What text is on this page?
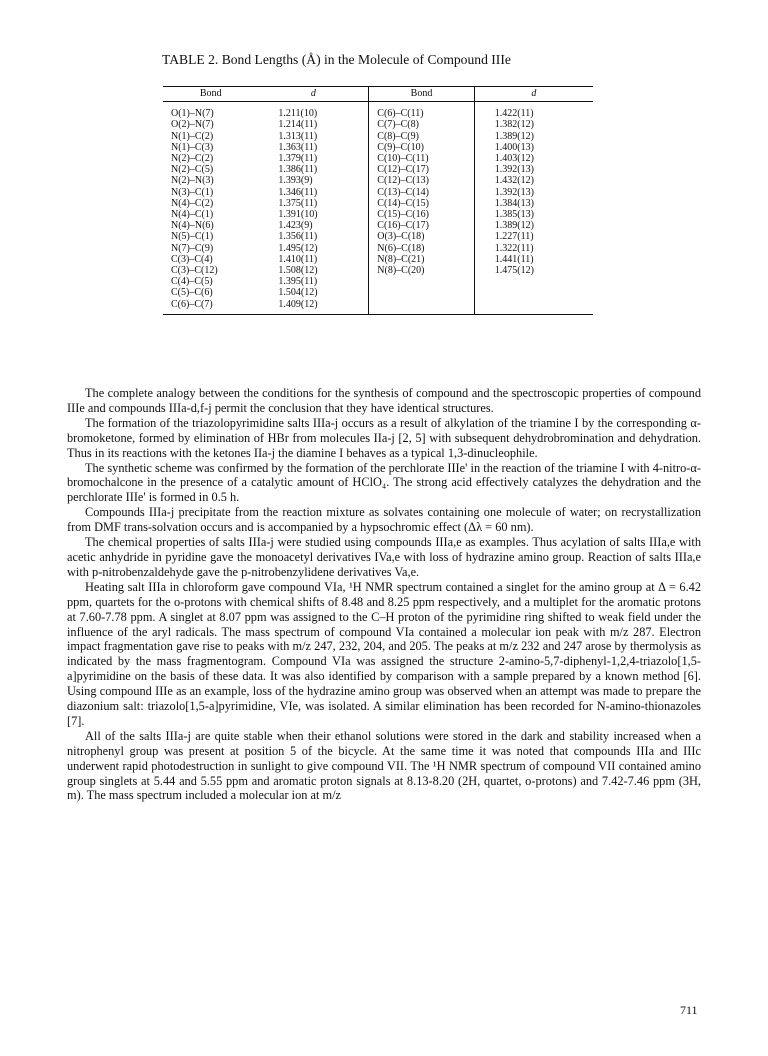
TABLE 2. Bond Lengths (Å) in the Molecule of Compound IIIe
Bond	d	Bond	d
O(1)–N(7)	1.211(10)	C(6)–C(11)	1.422(11)
O(2)–N(7)	1.214(11)	C(7)–C(8)	1.382(12)
N(1)–C(2)	1.313(11)	C(8)–C(9)	1.389(12)
N(1)–C(3)	1.363(11)	C(9)–C(10)	1.400(13)
N(2)–C(2)	1.379(11)	C(10)–C(11)	1.403(12)
N(2)–C(5)	1.386(11)	C(12)–C(17)	1.392(13)
N(2)–N(3)	1.393(9)	C(12)–C(13)	1.432(12)
N(3)–C(1)	1.346(11)	C(13)–C(14)	1.392(13)
N(4)–C(2)	1.375(11)	C(14)–C(15)	1.384(13)
N(4)–C(1)	1.391(10)	C(15)–C(16)	1.385(13)
N(4)–N(6)	1.423(9)	C(16)–C(17)	1.389(12)
N(5)–C(1)	1.356(11)	O(3)–C(18)	1.227(11)
N(7)–C(9)	1.495(12)	N(6)–C(18)	1.322(11)
C(3)–C(4)	1.410(11)	N(8)–C(21)	1.441(11)
C(3)–C(12)	1.508(12)	N(8)–C(20)	1.475(12)
C(4)–C(5)	1.395(11)		
C(5)–C(6)	1.504(12)		
C(6)–C(7)	1.409(12)		

The complete analogy between the conditions for the synthesis of compound and the spectroscopic properties of compound IIIe and compounds IIIa-d,f-j permit the conclusion that they have identical structures.

The formation of the triazolopyrimidine salts IIIa-j occurs as a result of alkylation of the triamine I by the corresponding α-bromoketone, formed by elimination of HBr from molecules IIa-j [2, 5] with subsequent dehydrobromination and dehydration. Thus in its reactions with the ketones IIa-j the diamine I behaves as a typical 1,3-dinucleophile.

The synthetic scheme was confirmed by the formation of the perchlorate IIIe' in the reaction of the triamine I with 4-nitro-α-bromochalcone in the presence of a catalytic amount of HClO₄. The strong acid effectively catalyzes the dehydration and the perchlorate IIIe' is formed in 0.5 h.

Compounds IIIa-j precipitate from the reaction mixture as solvates containing one molecule of water; on recrystallization from DMF trans-solvation occurs and is accompanied by a hypsochromic effect (Δλ = 60 nm).

The chemical properties of salts IIIa-j were studied using compounds IIIa,e as examples. Thus acylation of salts IIIa,e with acetic anhydride in pyridine gave the monoacetyl derivatives IVa,e with loss of hydrazine amino group. Reaction of salts IIIa,e with p-nitrobenzaldehyde gave the p-nitrobenzylidene derivatives Va,e.

Heating salt IIIa in chloroform gave compound VIa, ¹H NMR spectrum contained a singlet for the amino group at Δ = 6.42 ppm, quartets for the o-protons with chemical shifts of 8.48 and 8.25 ppm respectively, and a multiplet for the aromatic protons at 7.60-7.78 ppm. A singlet at 8.07 ppm was assigned to the C–H proton of the pyrimidine ring shifted to weak field under the influence of the aryl radicals. The mass spectrum of compound VIa contained a molecular ion peak with m/z 287. Electron impact fragmentation gave rise to peaks with m/z 247, 232, 204, and 205. The peaks at m/z 232 and 247 arose by thermolysis as indicated by the mass fragmentogram. Compound VIa was assigned the structure 2-amino-5,7-diphenyl-1,2,4-triazolo[1,5-a]pyrimidine on the basis of these data. It was also identified by comparison with a sample prepared by a known method [6]. Using compound IIIe as an example, loss of the hydrazine amino group was observed when an attempt was made to prepare the diazonium salt: triazolo[1,5-a]pyrimidine, VIe, was isolated. A similar elimination has been recorded for N-amino-thionazoles [7].

All of the salts IIIa-j are quite stable when their ethanol solutions were stored in the dark and stability increased when a nitrophenyl group was present at position 5 of the bicycle. At the same time it was noted that compounds IIIa and IIIc underwent rapid photodestruction in sunlight to give compound VII. The ¹H NMR spectrum of compound VII contained amino group singlets at 5.44 and 5.55 ppm and aromatic proton signals at 8.13-8.20 (2H, quartet, o-protons) and 7.42-7.46 ppm (3H, m). The mass spectrum included a molecular ion at m/z

711
